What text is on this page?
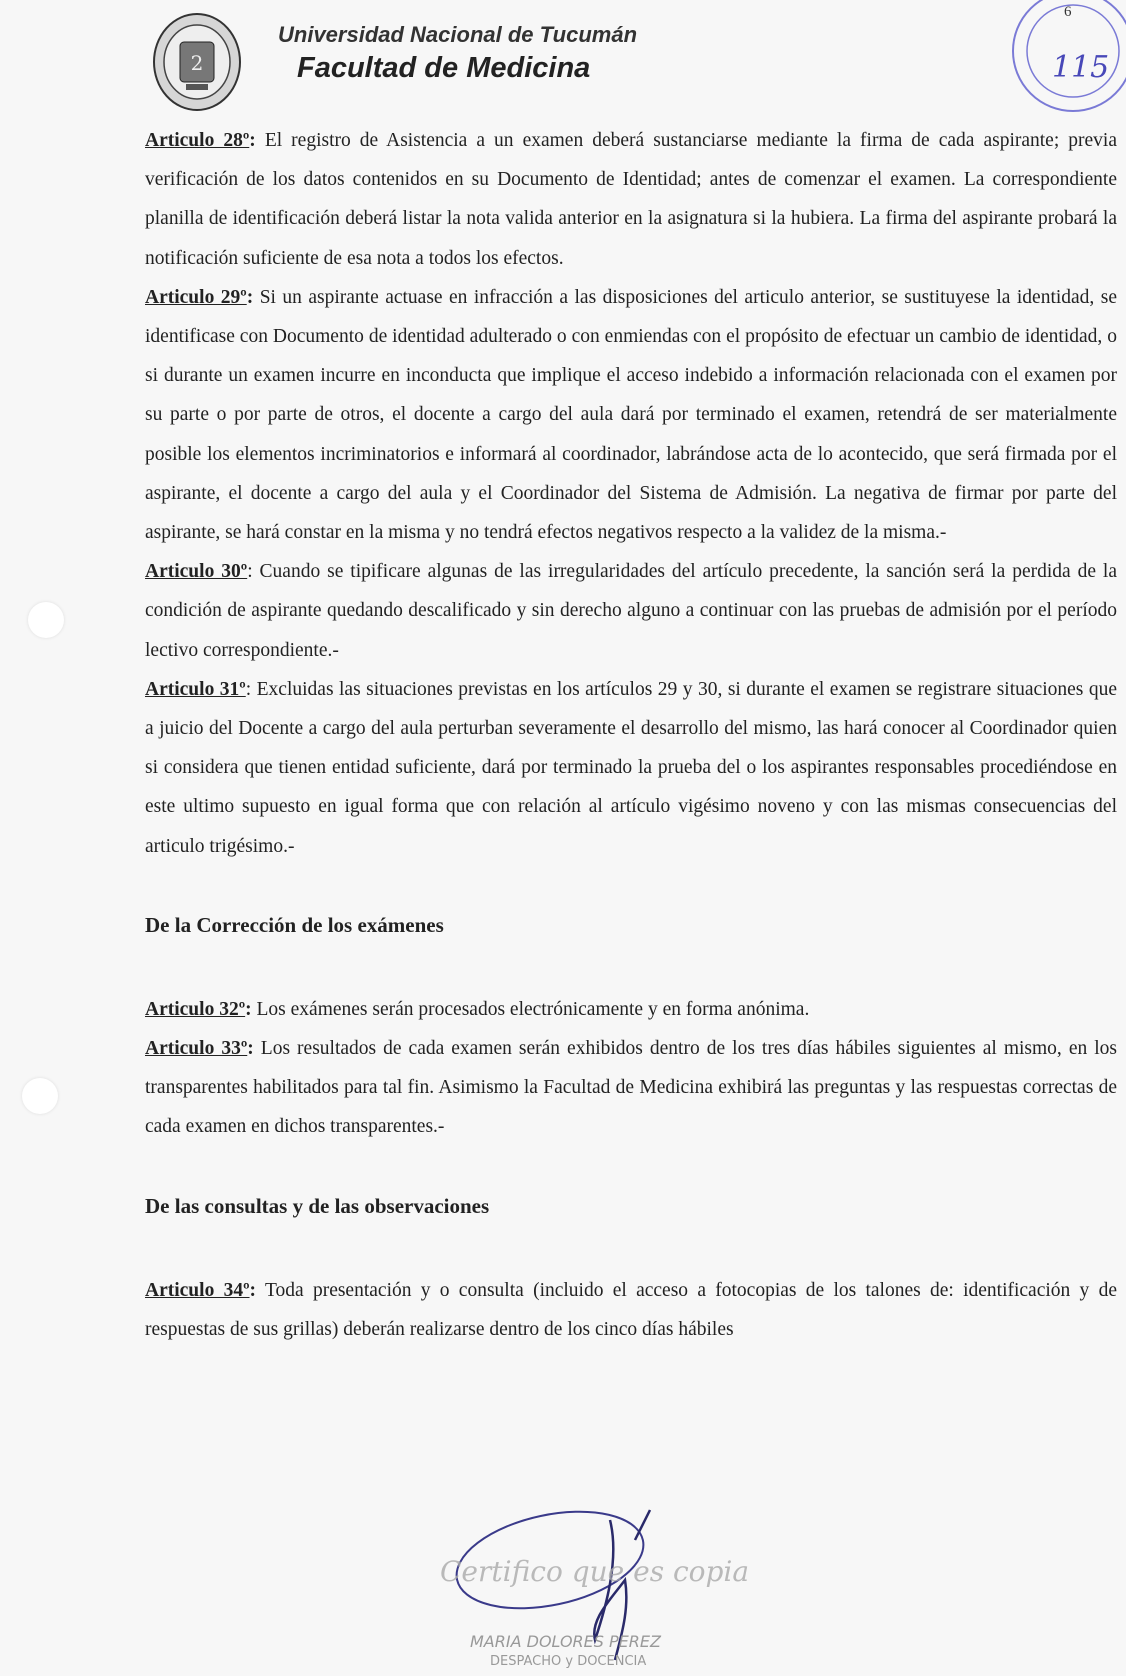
6
2
Universidad Nacional de Tucumán
Facultad de Medicina	115

Articulo 28º: El registro de Asistencia a un examen deberá sustanciarse mediante la firma de cada aspirante; previa verificación de los datos contenidos en su Documento de Identidad; antes de comenzar el examen. La correspondiente planilla de identificación deberá listar la nota valida anterior en la asignatura si la hubiera. La firma del aspirante probará la notificación suficiente de esa nota a todos los efectos.

Articulo 29º: Si un aspirante actuase en infracción a las disposiciones del articulo anterior, se sustituyese la identidad, se identificase con Documento de identidad adulterado o con enmiendas con el propósito de efectuar un cambio de identidad, o si durante un examen incurre en inconducta que implique el acceso indebido a información relacionada con el examen por su parte o por parte de otros, el docente a cargo del aula dará por terminado el examen, retendrá de ser materialmente posible los elementos incriminatorios e informará al coordinador, labrándose acta de lo acontecido, que será firmada por el aspirante, el docente a cargo del aula y el Coordinador del Sistema de Admisión. La negativa de firmar por parte del aspirante, se hará constar en la misma y no tendrá efectos negativos respecto a la validez de la misma.-

Articulo 30º: Cuando se tipificare algunas de las irregularidades del artículo precedente, la sanción será la perdida de la condición de aspirante quedando descalificado y sin derecho alguno a continuar con las pruebas de admisión por el período lectivo correspondiente.-

Articulo 31º: Excluidas las situaciones previstas en los artículos 29 y 30, si durante el examen se registrare situaciones que a juicio del Docente a cargo del aula perturban severamente el desarrollo del mismo, las hará conocer al Coordinador quien si considera que tienen entidad suficiente, dará por terminado la prueba del o los aspirantes responsables procediéndose en este ultimo supuesto en igual forma que con relación al artículo vigésimo noveno y con las mismas consecuencias del articulo trigésimo.-

De la Corrección de los exámenes

Articulo 32º: Los exámenes serán procesados electrónicamente y en forma anónima.

Articulo 33º: Los resultados de cada examen serán exhibidos dentro de los tres días hábiles siguientes al mismo, en los transparentes habilitados para tal fin. Asimismo la Facultad de Medicina exhibirá las preguntas y las respuestas correctas de cada examen en dichos transparentes.-

De las consultas y de las observaciones

Articulo 34º: Toda presentación y o consulta (incluido el acceso a fotocopias de los talones de: identificación y de respuestas de sus grillas) deberán realizarse dentro de los cinco días hábiles

Certifico que es copia
MARIA DOLORES PEREZ
DESPACHO y DOCENCIA
